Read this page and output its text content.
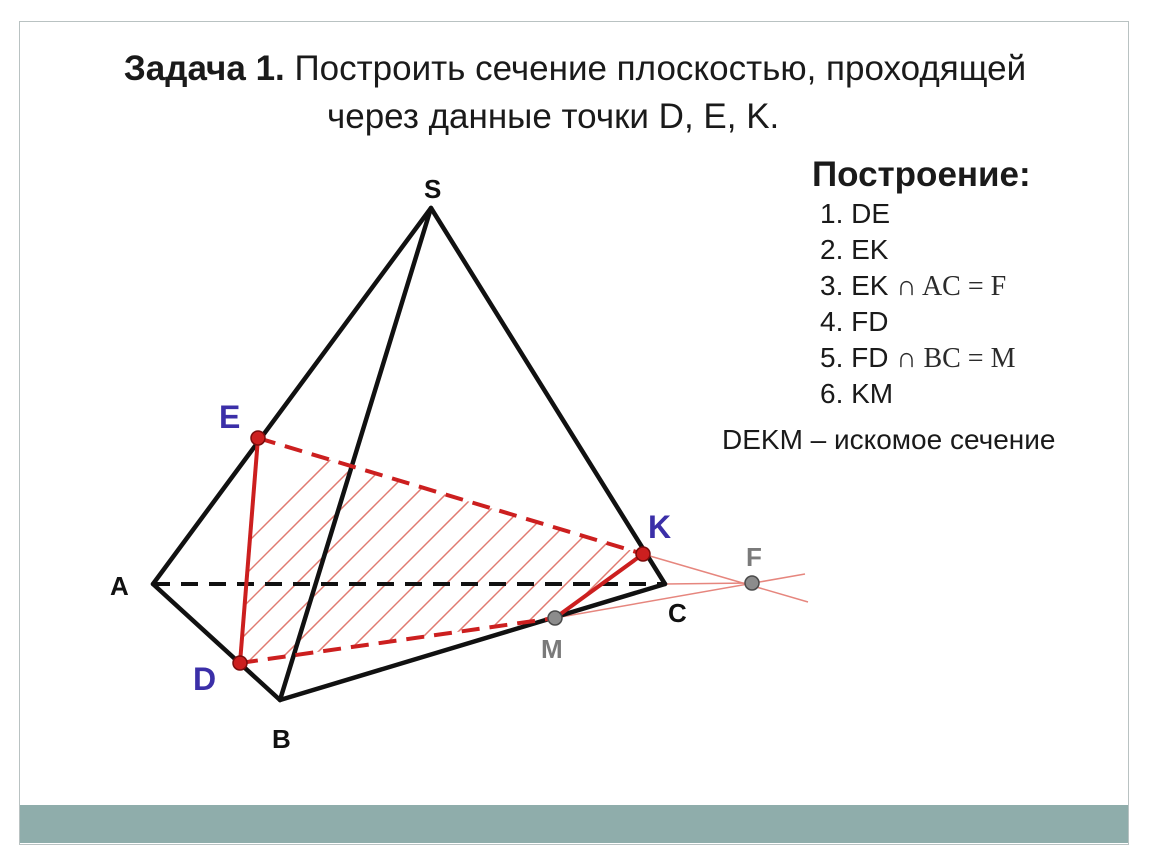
Задача 1. Построить сечение плоскостью, проходящей
через данные точки D, E, K.
Построение:
1. DE
2. EK
3. EK ∩ AC = F
4. FD
5. FD ∩ BC = M
6. KM
DEKM – искомое сечение
S
A
B
C
E
D
K
M
F
